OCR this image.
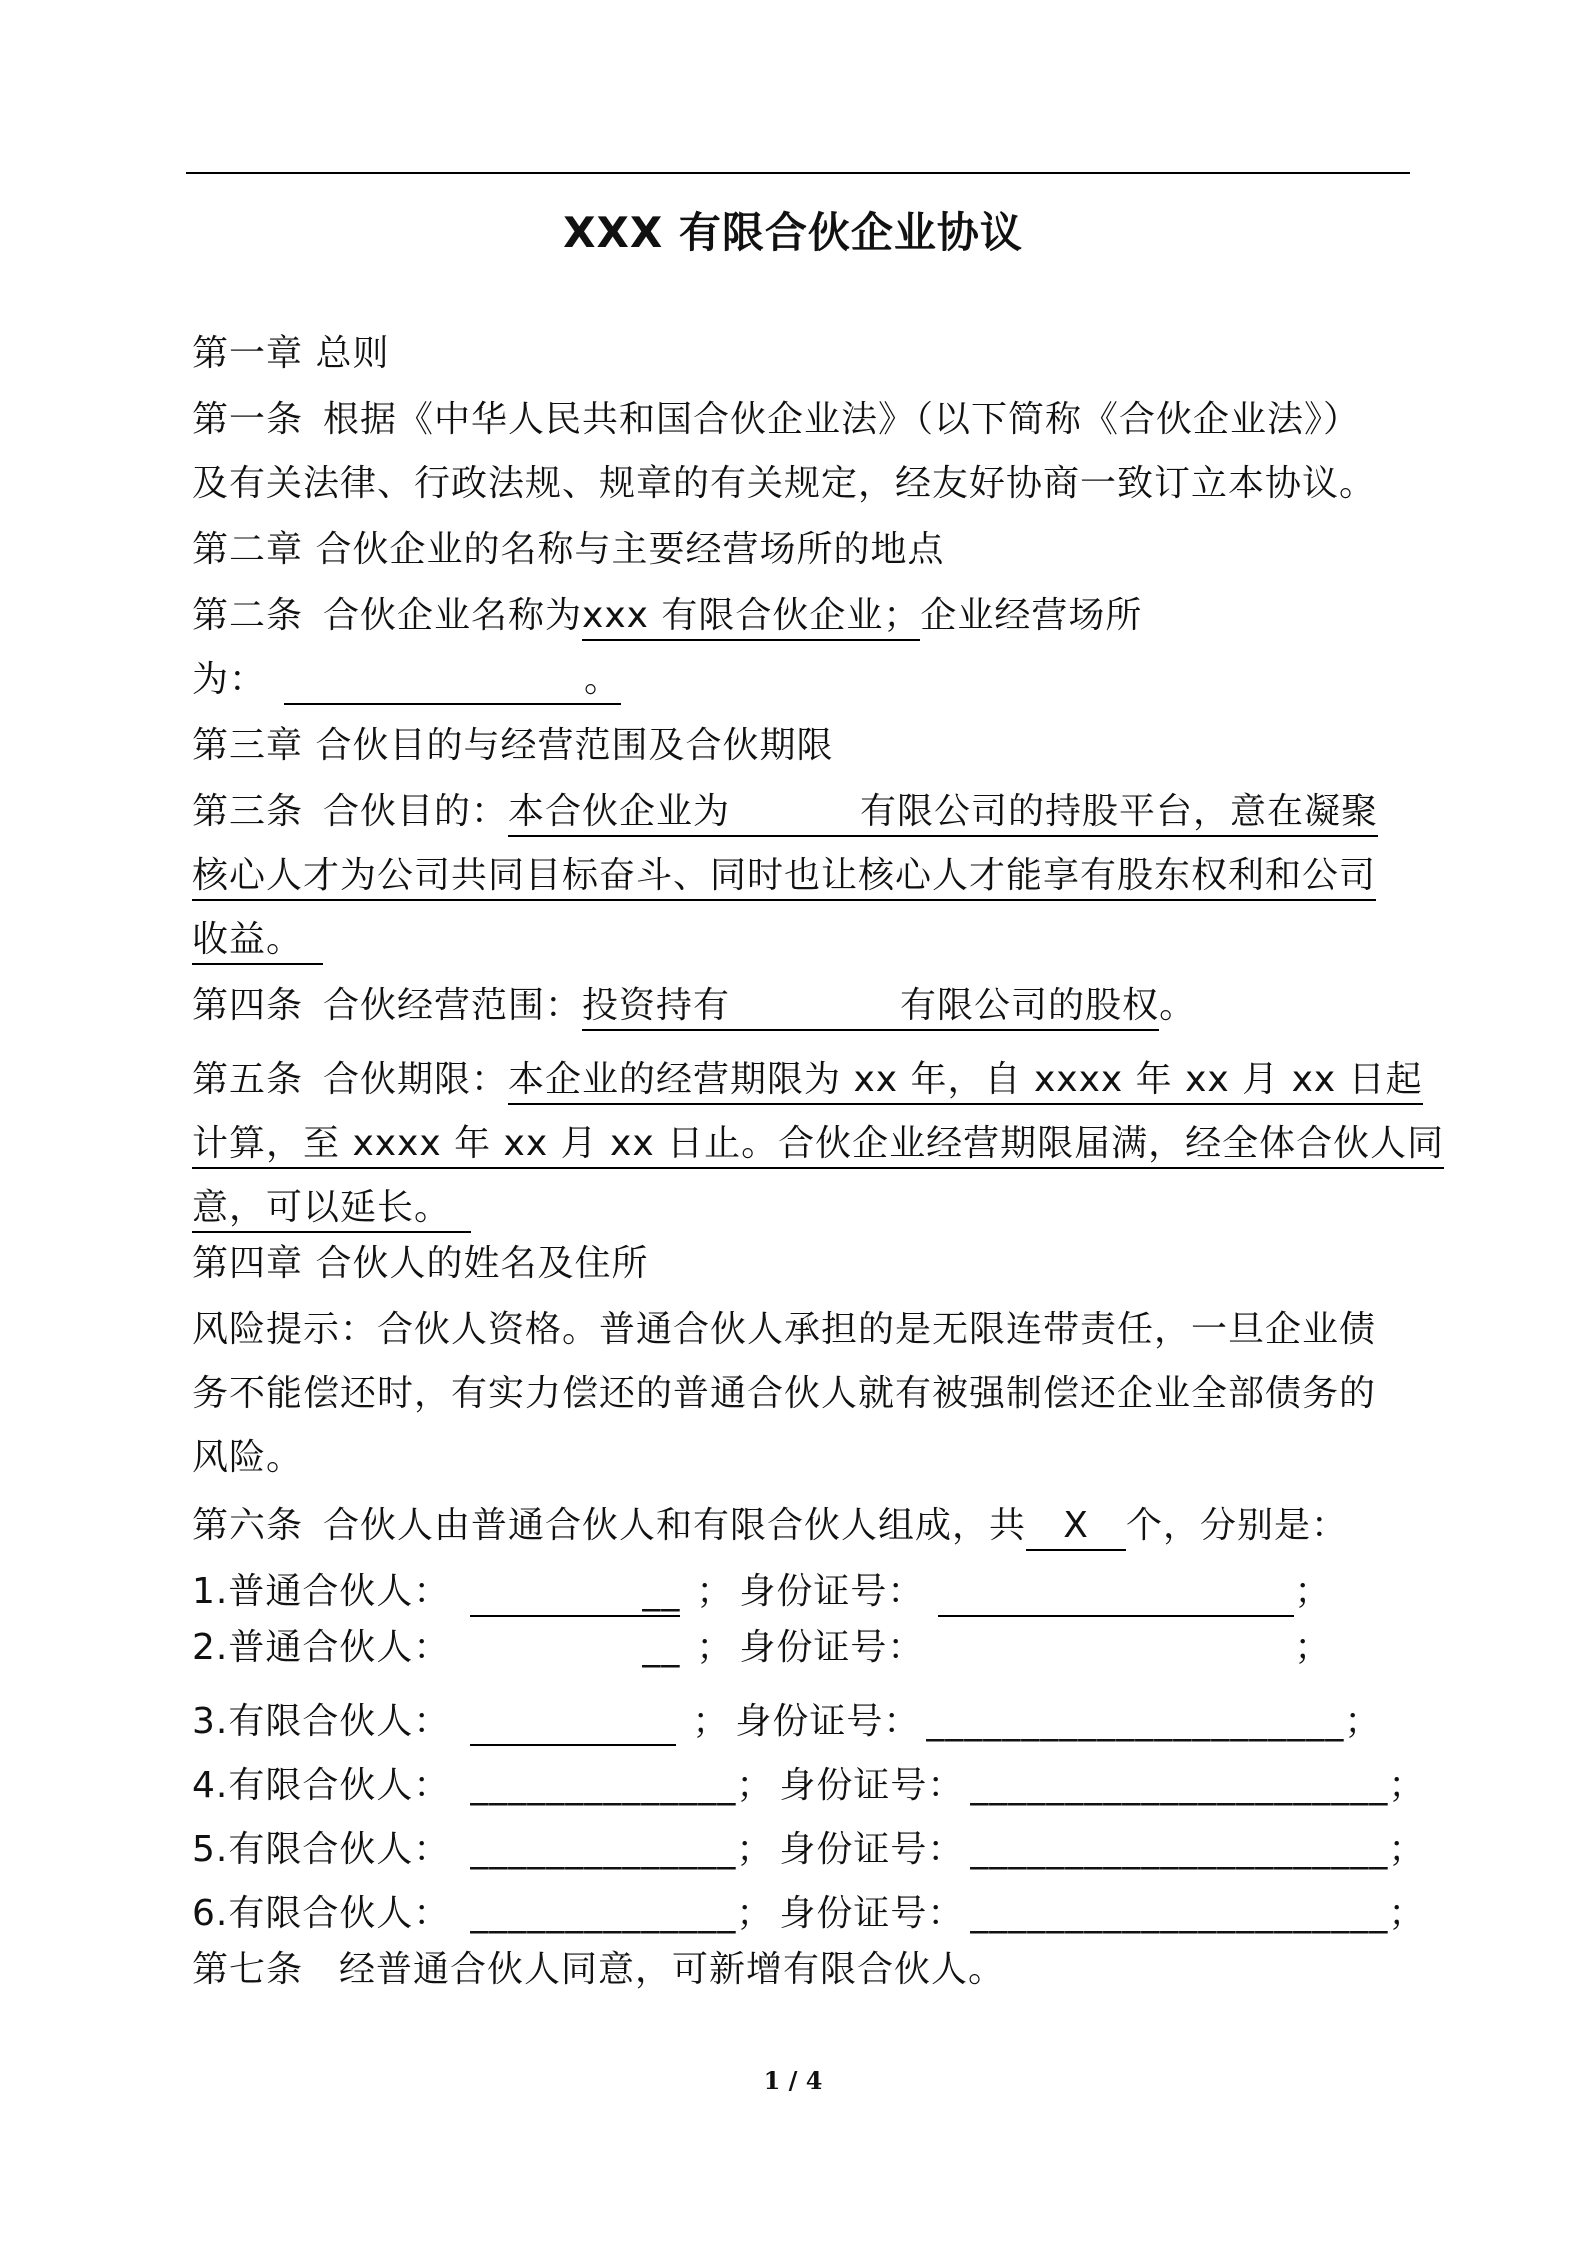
XXX 有限合伙企业协议
第一章 总则
第一条 根据《中华人民共和国合伙企业法》（以下简称《合伙企业法》）
及有关法律、行政法规、规章的有关规定，经友好协商一致订立本协议。
第二章 合伙企业的名称与主要经营场所的地点
第二条 合伙企业名称为xxx 有限合伙企业；企业经营场所
为：	。
第三章 合伙目的与经营范围及合伙期限
第三条 合伙目的：本合伙企业为	有限公司的持股平台，意在凝聚
核心人才为公司共同目标奋斗、同时也让核心人才能享有股东权利和公司
收益。
第四条 合伙经营范围：投资持有	有限公司的股权。
第五条 合伙期限：本企业的经营期限为 xx 年，自 xxxx 年 xx 月 xx 日起
计算，至 xxxx 年 xx 月 xx 日止。合伙企业经营期限届满，经全体合伙人同
意，可以延长。
第四章 合伙人的姓名及住所
风险提示：合伙人资格。普通合伙人承担的是无限连带责任，一旦企业债
务不能偿还时，有实力偿还的普通合伙人就有被强制偿还企业全部债务的
风险。
第六条 合伙人由普通合伙人和有限合伙人组成，共 X 个，分别是：
1.普通合伙人：	__ ； 身份证号：	；
2.普通合伙人：	__ ； 身份证号：	；
3.有限合伙人：	； 身份证号： ______________________；
4.有限合伙人： ______________； 身份证号： ______________________；
5.有限合伙人： ______________； 身份证号： ______________________；
6.有限合伙人： ______________； 身份证号： ______________________；
第七条 经普通合伙人同意，可新增有限合伙人。
1 / 4
